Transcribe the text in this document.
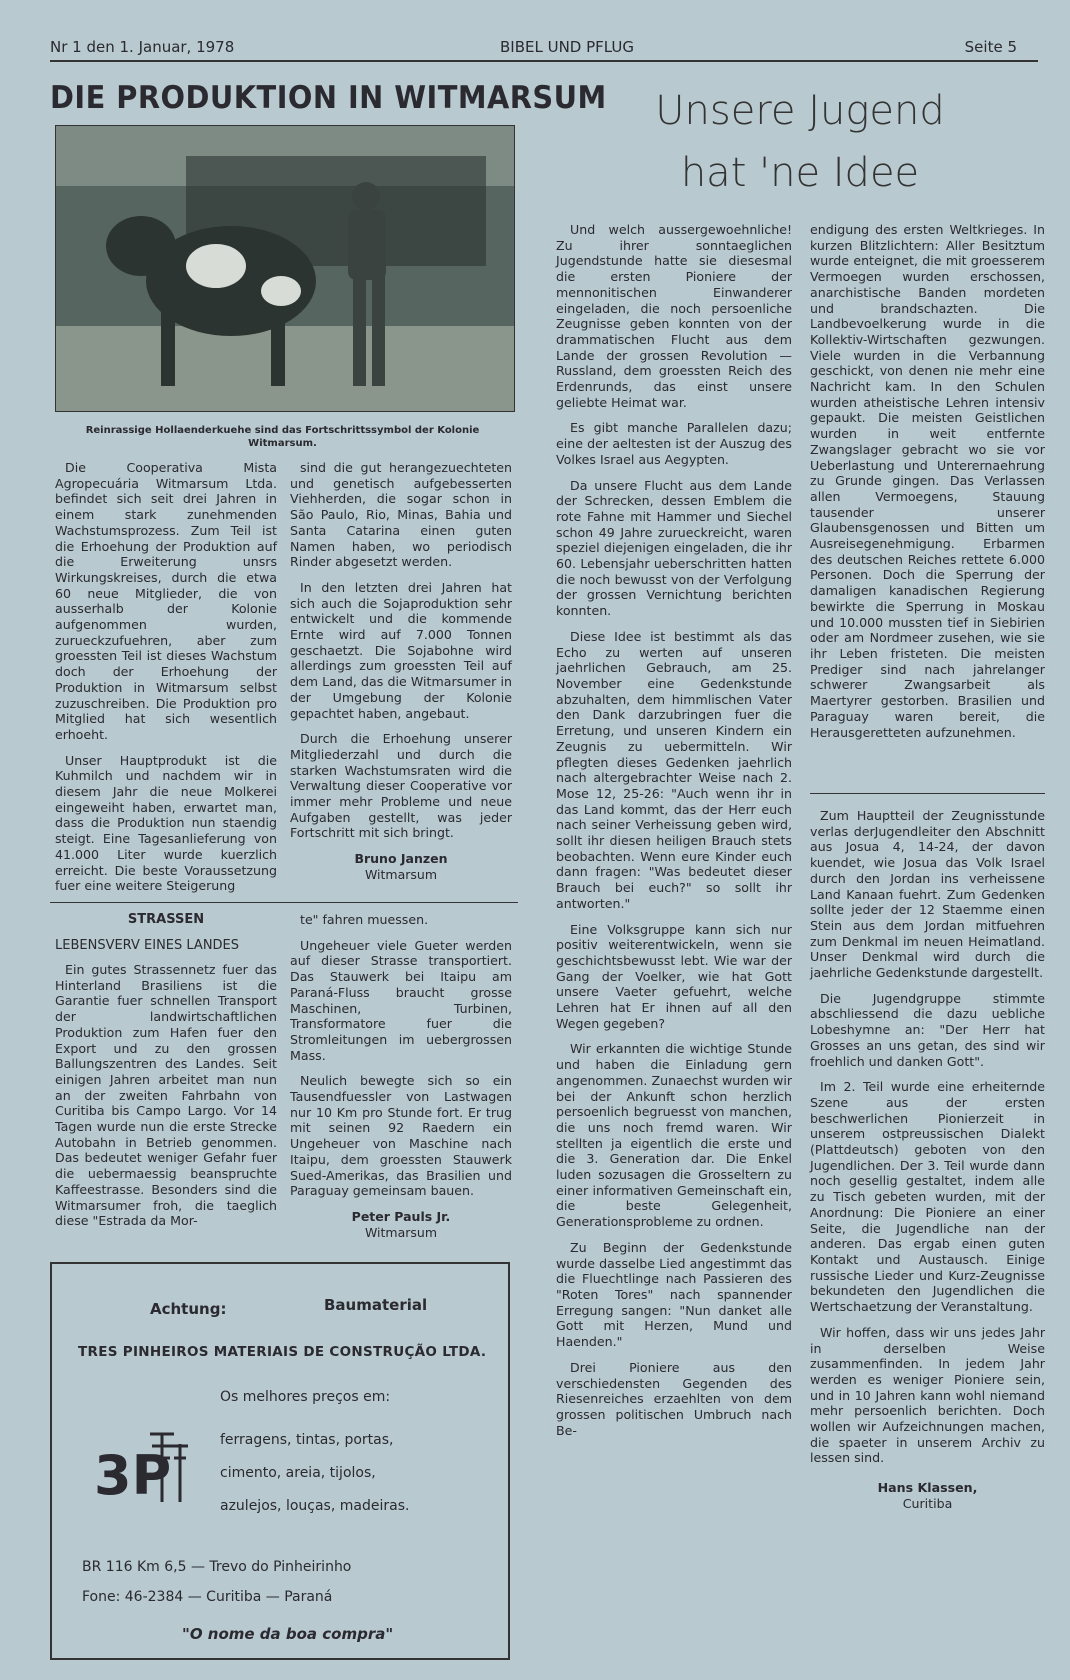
Nr 1 den 1. Januar, 1978	BIBEL UND PFLUG	Seite 5
DIE PRODUKTION IN WITMARSUM
Reinrassige Hollaenderkuehe sind das Fortschrittssymbol der Kolonie Witmarsum.

Die Cooperativa Mista Agropecuária Witmarsum Ltda. befindet sich seit drei Jahren in einem stark zunehmenden Wachstumsprozess. Zum Teil ist die Erhoehung der Produktion auf die Erweiterung unsrs Wirkungskreises, durch die etwa 60 neue Mitglieder, die von ausserhalb der Kolonie aufgenommen wurden, zurueckzufuehren, aber zum groessten Teil ist dieses Wachstum doch der Erhoehung der Produktion in Witmarsum selbst zuzuschreiben. Die Produktion pro Mitglied hat sich wesentlich erhoeht.

Unser Hauptprodukt ist die Kuhmilch und nachdem wir in diesem Jahr die neue Molkerei eingeweiht haben, erwartet man, dass die Produktion nun staendig steigt. Eine Tagesanlieferung von 41.000 Liter wurde kuerzlich erreicht. Die beste Voraussetzung fuer eine weitere Steigerung

sind die gut herangezuechteten und genetisch aufgebesserten Viehherden, die sogar schon in São Paulo, Rio, Minas, Bahia und Santa Catarina einen guten Namen haben, wo periodisch Rinder abgesetzt werden.

In den letzten drei Jahren hat sich auch die Sojaproduktion sehr entwickelt und die kommende Ernte wird auf 7.000 Tonnen geschaetzt. Die Sojabohne wird allerdings zum groessten Teil auf dem Land, das die Witmarsumer in der Umgebung der Kolonie gepachtet haben, angebaut.

Durch die Erhoehung unserer Mitgliederzahl und durch die starken Wachstumsraten wird die Verwaltung dieser Cooperative vor immer mehr Probleme und neue Aufgaben gestellt, was jeder Fortschritt mit sich bringt.

Bruno Janzen
Witmarsum
STRASSEN
LEBENSVERV EINES LANDES

Ein gutes Strassennetz fuer das Hinterland Brasiliens ist die Garantie fuer schnellen Transport der landwirtschaftlichen Produktion zum Hafen fuer den Export und zu den grossen Ballungszentren des Landes. Seit einigen Jahren arbeitet man nun an der zweiten Fahrbahn von Curitiba bis Campo Largo. Vor 14 Tagen wurde nun die erste Strecke Autobahn in Betrieb genommen. Das bedeutet weniger Gefahr fuer die uebermaessig beanspruchte Kaffeestrasse. Besonders sind die Witmarsumer froh, die taeglich diese "Estrada da Mor-

te" fahren muessen.

Ungeheuer viele Gueter werden auf dieser Strasse transportiert. Das Stauwerk bei Itaipu am Paraná-Fluss braucht grosse Maschinen, Turbinen, Transformatore fuer die Stromleitungen im uebergrossen Mass.

Neulich bewegte sich so ein Tausendfuessler von Lastwagen nur 10 Km pro Stunde fort. Er trug mit seinen 92 Raedern ein Ungeheuer von Maschine nach Itaipu, dem groessten Stauwerk Sued-Amerikas, das Brasilien und Paraguay gemeinsam bauen.

Peter Pauls Jr.
Witmarsum
Achtung:	Baumaterial
TRES PINHEIROS MATERIAIS DE CONSTRUÇÃO LTDA.
Os melhores preços em:
3P
ferragens, tintas, portas,
cimento, areia, tijolos,
azulejos, louças, madeiras.
BR 116 Km 6,5 — Trevo do Pinheirinho
Fone: 46-2384 — Curitiba — Paraná
"O nome da boa compra"
Unsere Jugend
hat 'ne Idee

Und welch aussergewoehnliche! Zu ihrer sonntaeglichen Jugendstunde hatte sie diesesmal die ersten Pioniere der mennonitischen Einwanderer eingeladen, die noch persoenliche Zeugnisse geben konnten von der drammatischen Flucht aus dem Lande der grossen Revolution — Russland, dem groessten Reich des Erdenrunds, das einst unsere geliebte Heimat war.

Es gibt manche Parallelen dazu; eine der aeltesten ist der Auszug des Volkes Israel aus Aegypten.

Da unsere Flucht aus dem Lande der Schrecken, dessen Emblem die rote Fahne mit Hammer und Siechel schon 49 Jahre zurueckreicht, waren speziel diejenigen eingeladen, die ihr 60. Lebensjahr ueberschritten hatten die noch bewusst von der Verfolgung der grossen Vernichtung berichten konnten.

Diese Idee ist bestimmt als das Echo zu werten auf unseren jaehrlichen Gebrauch, am 25. November eine Gedenkstunde abzuhalten, dem himmlischen Vater den Dank darzubringen fuer die Erretung, und unseren Kindern ein Zeugnis zu uebermitteln. Wir pflegten dieses Gedenken jaehrlich nach altergebrachter Weise nach 2. Mose 12, 25-26: "Auch wenn ihr in das Land kommt, das der Herr euch nach seiner Verheissung geben wird, sollt ihr diesen heiligen Brauch stets beobachten. Wenn eure Kinder euch dann fragen: "Was bedeutet dieser Brauch bei euch?" so sollt ihr antworten."

Eine Volksgruppe kann sich nur positiv weiterentwickeln, wenn sie geschichtsbewusst lebt. Wie war der Gang der Voelker, wie hat Gott unsere Vaeter gefuehrt, welche Lehren hat Er ihnen auf all den Wegen gegeben?

Wir erkannten die wichtige Stunde und haben die Einladung gern angenommen. Zunaechst wurden wir bei der Ankunft schon herzlich persoenlich begruesst von manchen, die uns noch fremd waren. Wir stellten ja eigentlich die erste und die 3. Generation dar. Die Enkel luden sozusagen die Grosseltern zu einer informativen Gemeinschaft ein, die beste Gelegenheit, Generationsprobleme zu ordnen.

Zu Beginn der Gedenkstunde wurde dasselbe Lied angestimmt das die Fluechtlinge nach Passieren des "Roten Tores" nach spannender Erregung sangen: "Nun danket alle Gott mit Herzen, Mund und Haenden."

Drei Pioniere aus den verschiedensten Gegenden des Riesenreiches erzaehlten von dem grossen politischen Umbruch nach Be-

endigung des ersten Weltkrieges. In kurzen Blitzlichtern: Aller Besitztum wurde enteignet, die mit groesserem Vermoegen wurden erschossen, anarchistische Banden mordeten und brandschazten. Die Landbevoelkerung wurde in die Kollektiv-Wirtschaften gezwungen. Viele wurden in die Verbannung geschickt, von denen nie mehr eine Nachricht kam. In den Schulen wurden atheistische Lehren intensiv gepaukt. Die meisten Geistlichen wurden in weit entfernte Zwangslager gebracht wo sie vor Ueberlastung und Unterernaehrung zu Grunde gingen. Das Verlassen allen Vermoegens, Stauung tausender unserer Glaubensgenossen und Bitten um Ausreisegenehmigung. Erbarmen des deutschen Reiches rettete 6.000 Personen. Doch die Sperrung der damaligen kanadischen Regierung bewirkte die Sperrung in Moskau und 10.000 mussten tief in Siebirien oder am Nordmeer zusehen, wie sie ihr Leben fristeten. Die meisten Prediger sind nach jahrelanger schwerer Zwangsarbeit als Maertyrer gestorben. Brasilien und Paraguay waren bereit, die Herausgeretteten aufzunehmen.

Zum Hauptteil der Zeugnisstunde verlas derJugendleiter den Abschnitt aus Josua 4, 14-24, der davon kuendet, wie Josua das Volk Israel durch den Jordan ins verheissene Land Kanaan fuehrt. Zum Gedenken sollte jeder der 12 Staemme einen Stein aus dem Jordan mitfuehren zum Denkmal im neuen Heimatland. Unser Denkmal wird durch die jaehrliche Gedenkstunde dargestellt.

Die Jugendgruppe stimmte abschliessend die dazu uebliche Lobeshymne an: "Der Herr hat Grosses an uns getan, des sind wir froehlich und danken Gott".

Im 2. Teil wurde eine erheiternde Szene aus der ersten beschwerlichen Pionierzeit in unserem ostpreussischen Dialekt (Plattdeutsch) geboten von den Jugendlichen. Der 3. Teil wurde dann noch gesellig gestaltet, indem alle zu Tisch gebeten wurden, mit der Anordnung: Die Pioniere an einer Seite, die Jugendliche nan der anderen. Das ergab einen guten Kontakt und Austausch. Einige russische Lieder und Kurz-Zeugnisse bekundeten den Jugendlichen die Wertschaetzung der Veranstaltung.

Wir hoffen, dass wir uns jedes Jahr in derselben Weise zusammenfinden. In jedem Jahr werden es weniger Pioniere sein, und in 10 Jahren kann wohl niemand mehr persoenlich berichten. Doch wollen wir Aufzeichnungen machen, die spaeter in unserem Archiv zu lessen sind.

Hans Klassen,
Curitiba
